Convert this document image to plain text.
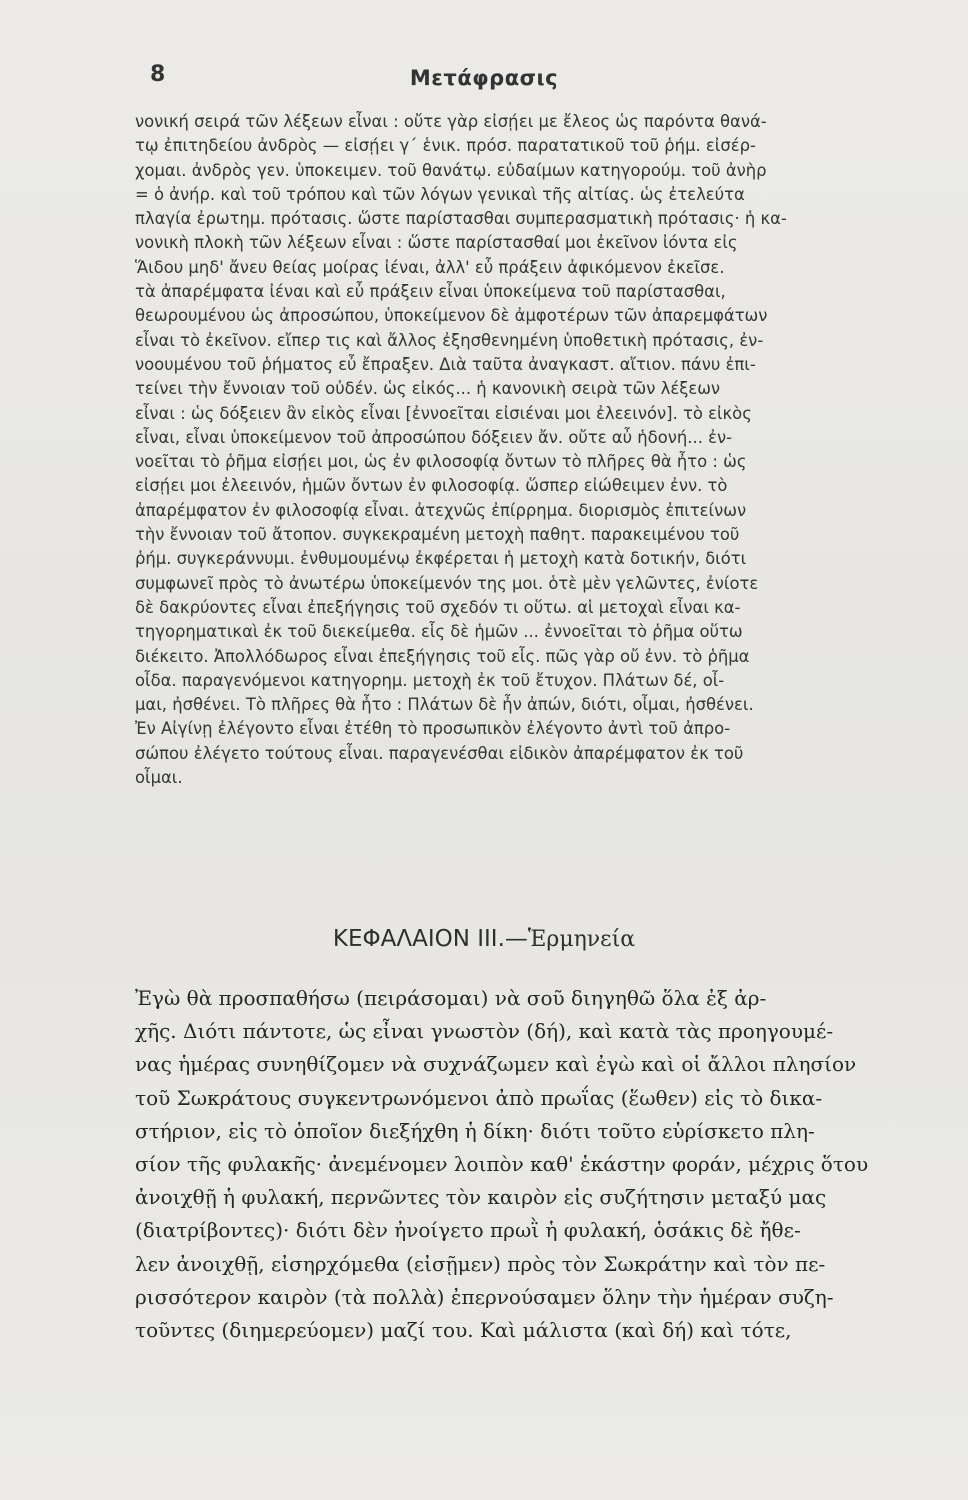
8	Μετάφρασις
νονική σειρά τῶν λέξεων εἶναι : οὔτε γὰρ εἰσῄει με ἔλεος ὡς παρόντα θανά-
τῳ ἐπιτηδείου ἀνδρὸς — εἰσῄει γ΄ ἑνικ. πρόσ. παρατατικοῦ τοῦ ῥήμ. εἰσέρ-
χομαι. ἀνδρὸς γεν. ὑποκειμεν. τοῦ θανάτῳ. εὐδαίμων κατηγορούμ. τοῦ ἀνὴρ
= ὁ ἀνήρ. καὶ τοῦ τρόπου καὶ τῶν λόγων γενικαὶ τῆς αἰτίας. ὡς ἐτελεύτα
πλαγία ἐρωτημ. πρότασις. ὥστε παρίστασθαι συμπερασματικὴ πρότασις· ἡ κα-
νονικὴ πλοκὴ τῶν λέξεων εἶναι : ὥστε παρίστασθαί μοι ἐκεῖνον ἰόντα εἰς
Ἅιδου μηδ' ἄνευ θείας μοίρας ἰέναι, ἀλλ' εὖ πράξειν ἀφικόμενον ἐκεῖσε.
τὰ ἀπαρέμφατα ἰέναι καὶ εὖ πράξειν εἶναι ὑποκείμενα τοῦ παρίστασθαι,
θεωρουμένου ὡς ἀπροσώπου, ὑποκείμενον δὲ ἀμφοτέρων τῶν ἀπαρεμφάτων
εἶναι τὸ ἐκεῖνον. εἴπερ τις καὶ ἄλλος ἐξησθενημένη ὑποθετικὴ πρότασις, ἐν-
νοουμένου τοῦ ῥήματος εὖ ἔπραξεν. Διὰ ταῦτα ἀναγκαστ. αἴτιον. πάνυ ἐπι-
τείνει τὴν ἔννοιαν τοῦ οὐδέν. ὡς εἰκός... ἡ κανονικὴ σειρὰ τῶν λέξεων
εἶναι : ὡς δόξειεν ἂν εἰκὸς εἶναι [ἐννοεῖται εἰσιέναι μοι ἐλεεινόν]. τὸ εἰκὸς
εἶναι, εἶναι ὑποκείμενον τοῦ ἀπροσώπου δόξειεν ἄν. οὔτε αὖ ἡδονή... ἐν-
νοεῖται τὸ ῥῆμα εἰσῄει μοι, ὡς ἐν φιλοσοφίᾳ ὄντων τὸ πλῆρες θὰ ἦτο : ὡς
εἰσῄει μοι ἐλεεινόν, ἡμῶν ὄντων ἐν φιλοσοφίᾳ. ὥσπερ εἰώθειμεν ἐνν. τὸ
ἀπαρέμφατον ἐν φιλοσοφίᾳ εἶναι. ἀτεχνῶς ἐπίρρημα. διορισμὸς ἐπιτείνων
τὴν ἔννοιαν τοῦ ἄτοπον. συγκεκραμένη μετοχὴ παθητ. παρακειμένου τοῦ
ῥήμ. συγκεράννυμι. ἐνθυμουμένῳ ἐκφέρεται ἡ μετοχὴ κατὰ δοτικήν, διότι
συμφωνεῖ πρὸς τὸ ἀνωτέρω ὑποκείμενόν της μοι. ὁτὲ μὲν γελῶντες, ἐνίοτε
δὲ δακρύοντες εἶναι ἐπεξήγησις τοῦ σχεδόν τι οὕτω. αἱ μετοχαὶ εἶναι κα-
τηγορηματικαὶ ἐκ τοῦ διεκείμεθα. εἷς δὲ ἡμῶν ... ἐννοεῖται τὸ ῥῆμα οὕτω
διέκειτο. Ἀπολλόδωρος εἶναι ἐπεξήγησις τοῦ εἷς. πῶς γὰρ οὔ ἐνν. τὸ ῥῆμα
οἶδα. παραγενόμενοι κατηγορημ. μετοχὴ ἐκ τοῦ ἔτυχον. Πλάτων δέ, οἶ-
μαι, ἠσθένει. Τὸ πλῆρες θὰ ἦτο : Πλάτων δὲ ἦν ἀπών, διότι, οἶμαι, ἠσθένει.
Ἐν Αἰγίνῃ ἐλέγοντο εἶναι ἐτέθη τὸ προσωπικὸν ἐλέγοντο ἀντὶ τοῦ ἀπρο-
σώπου ἐλέγετο τούτους εἶναι. παραγενέσθαι εἰδικὸν ἀπαρέμφατον ἐκ τοῦ
οἶμαι.
ΚΕΦΑΛΑΙΟΝ III.—Ἑρμηνεία
Ἐγὼ θὰ προσπαθήσω (πειράσομαι) νὰ σοῦ διηγηθῶ ὅλα ἐξ ἀρ-
χῆς. Διότι πάντοτε, ὡς εἶναι γνωστὸν (δή), καὶ κατὰ τὰς προηγουμέ-
νας ἡμέρας συνηθίζομεν νὰ συχνάζωμεν καὶ ἐγὼ καὶ οἱ ἄλλοι πλησίον
τοῦ Σωκράτους συγκεντρωνόμενοι ἀπὸ πρωΐας (ἕωθεν) εἰς τὸ δικα-
στήριον, εἰς τὸ ὁποῖον διεξήχθη ἡ δίκη· διότι τοῦτο εὑρίσκετο πλη-
σίον τῆς φυλακῆς· ἀνεμένομεν λοιπὸν καθ' ἑκάστην φοράν, μέχρις ὅτου
ἀνοιχθῇ ἡ φυλακή, περνῶντες τὸν καιρὸν εἰς συζήτησιν μεταξύ μας
(διατρίβοντες)· διότι δὲν ἠνοίγετο πρωῒ ἡ φυλακή, ὁσάκις δὲ ἤθε-
λεν ἀνοιχθῇ, εἰσηρχόμεθα (εἰσῇμεν) πρὸς τὸν Σωκράτην καὶ τὸν πε-
ρισσότερον καιρὸν (τὰ πολλὰ) ἐπερνούσαμεν ὅλην τὴν ἡμέραν συζη-
τοῦντες (διημερεύομεν) μαζί του. Καὶ μάλιστα (καὶ δή) καὶ τότε,
